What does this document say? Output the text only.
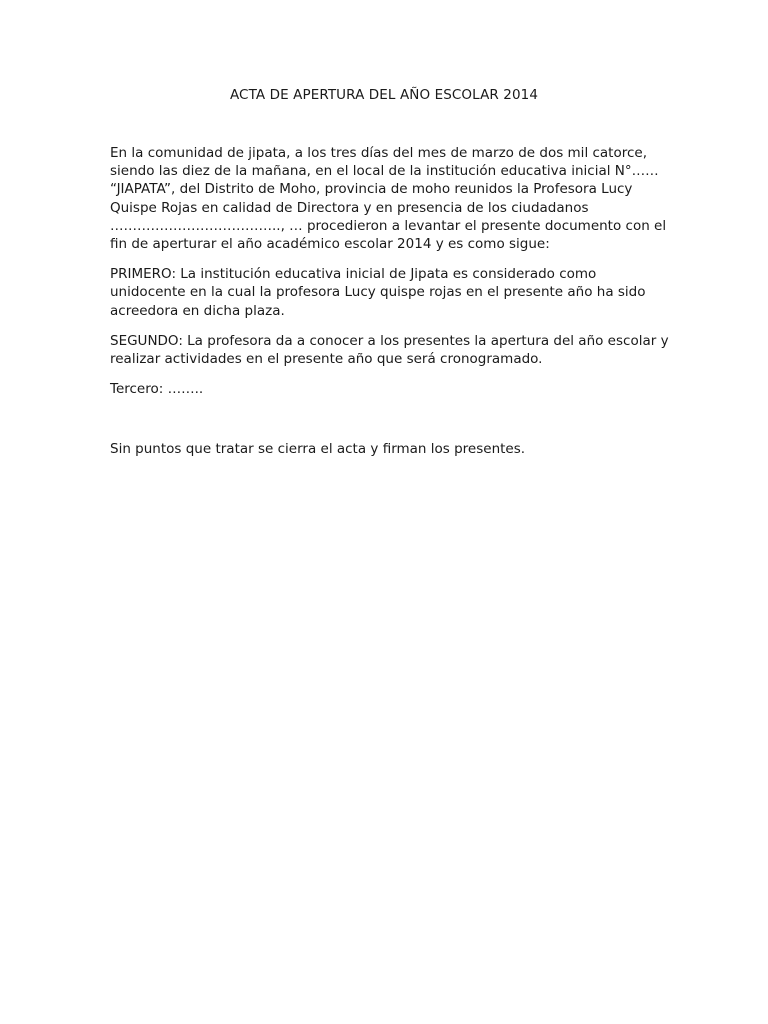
ACTA DE APERTURA DEL AÑO ESCOLAR 2014

En la comunidad de jipata, a los tres días del mes de marzo de dos mil catorce, siendo las diez de la mañana, en el local de la institución educativa inicial N°…… “JIAPATA”, del Distrito de Moho, provincia de moho reunidos la Profesora Lucy Quispe Rojas en calidad de Directora y en presencia de los ciudadanos ……………………………….., … procedieron a levantar el presente documento con el fin de aperturar el año académico escolar 2014 y es como sigue:

PRIMERO: La institución educativa inicial de Jipata es considerado como unidocente en la cual la profesora Lucy quispe rojas en el presente año ha sido acreedora en dicha plaza.

SEGUNDO: La profesora da a conocer a los presentes la apertura del año escolar y realizar actividades en el presente año que será cronogramado.

Tercero: ……..

Sin puntos que tratar se cierra el acta y firman los presentes.
